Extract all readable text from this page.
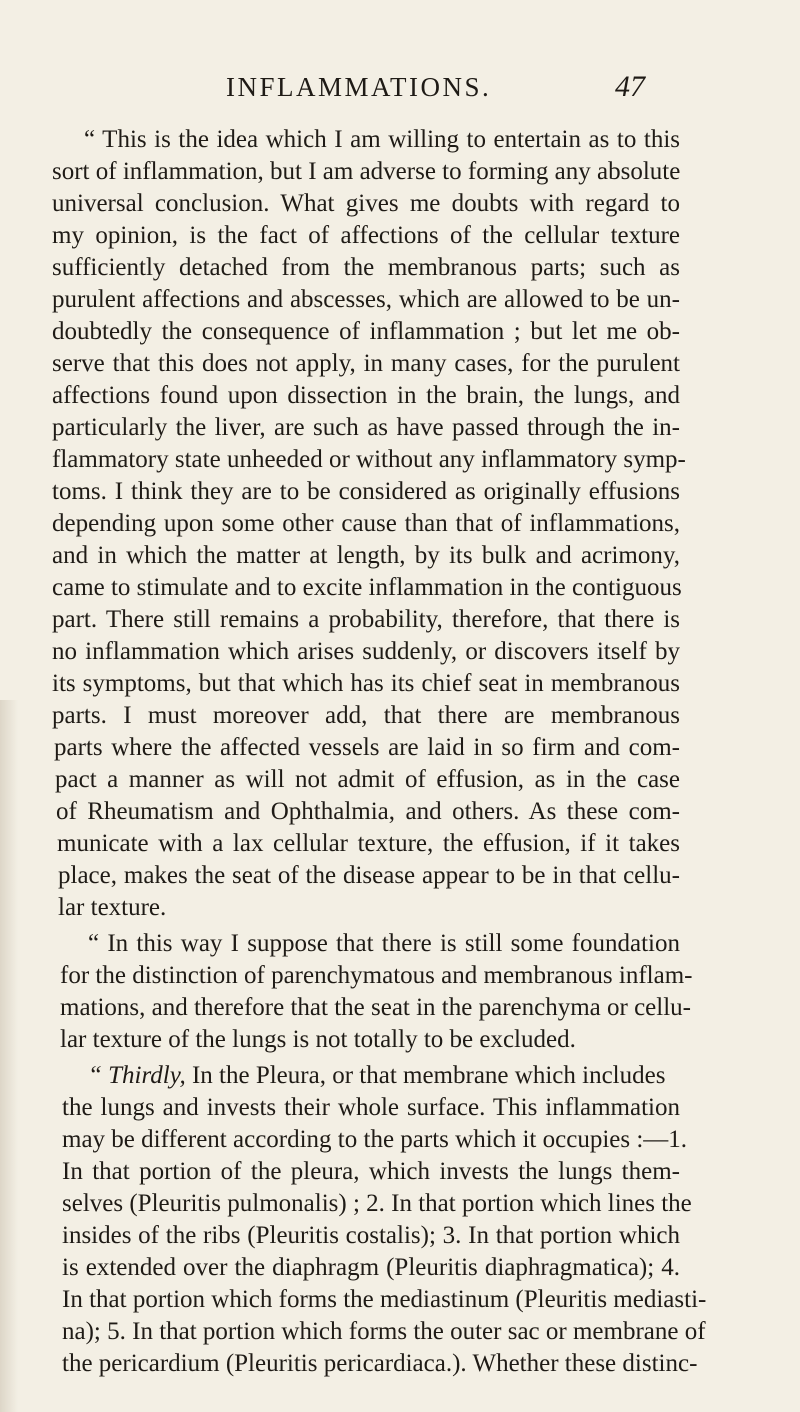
INFLAMMATIONS.	47
“ This is the idea which I am willing to entertain as to this
sort of inflammation, but I am adverse to forming any absolute
universal conclusion. What gives me doubts with regard to
my opinion, is the fact of affections of the cellular texture
sufficiently detached from the membranous parts; such as
purulent affections and abscesses, which are allowed to be un-
doubtedly the consequence of inflammation ; but let me ob-
serve that this does not apply, in many cases, for the purulent
affections found upon dissection in the brain, the lungs, and
particularly the liver, are such as have passed through the in-
flammatory state unheeded or without any inflammatory symp-
toms. I think they are to be considered as originally effusions
depending upon some other cause than that of inflammations,
and in which the matter at length, by its bulk and acrimony,
came to stimulate and to excite inflammation in the contiguous
part. There still remains a probability, therefore, that there is
no inflammation which arises suddenly, or discovers itself by
its symptoms, but that which has its chief seat in membranous
parts. I must moreover add, that there are membranous
parts where the affected vessels are laid in so firm and com-
pact a manner as will not admit of effusion, as in the case
of Rheumatism and Ophthalmia, and others. As these com-
municate with a lax cellular texture, the effusion, if it takes
place, makes the seat of the disease appear to be in that cellu-
lar texture.
“ In this way I suppose that there is still some foundation
for the distinction of parenchymatous and membranous inflam-
mations, and therefore that the seat in the parenchyma or cellu-
lar texture of the lungs is not totally to be excluded.
“ Thirdly, In the Pleura, or that membrane which includes
the lungs and invests their whole surface. This inflammation
may be different according to the parts which it occupies :—1.
In that portion of the pleura, which invests the lungs them-
selves (Pleuritis pulmonalis) ; 2. In that portion which lines the
insides of the ribs (Pleuritis costalis); 3. In that portion which
is extended over the diaphragm (Pleuritis diaphragmatica); 4.
In that portion which forms the mediastinum (Pleuritis mediasti-
na); 5. In that portion which forms the outer sac or membrane of
the pericardium (Pleuritis pericardiaca.). Whether these distinc-
